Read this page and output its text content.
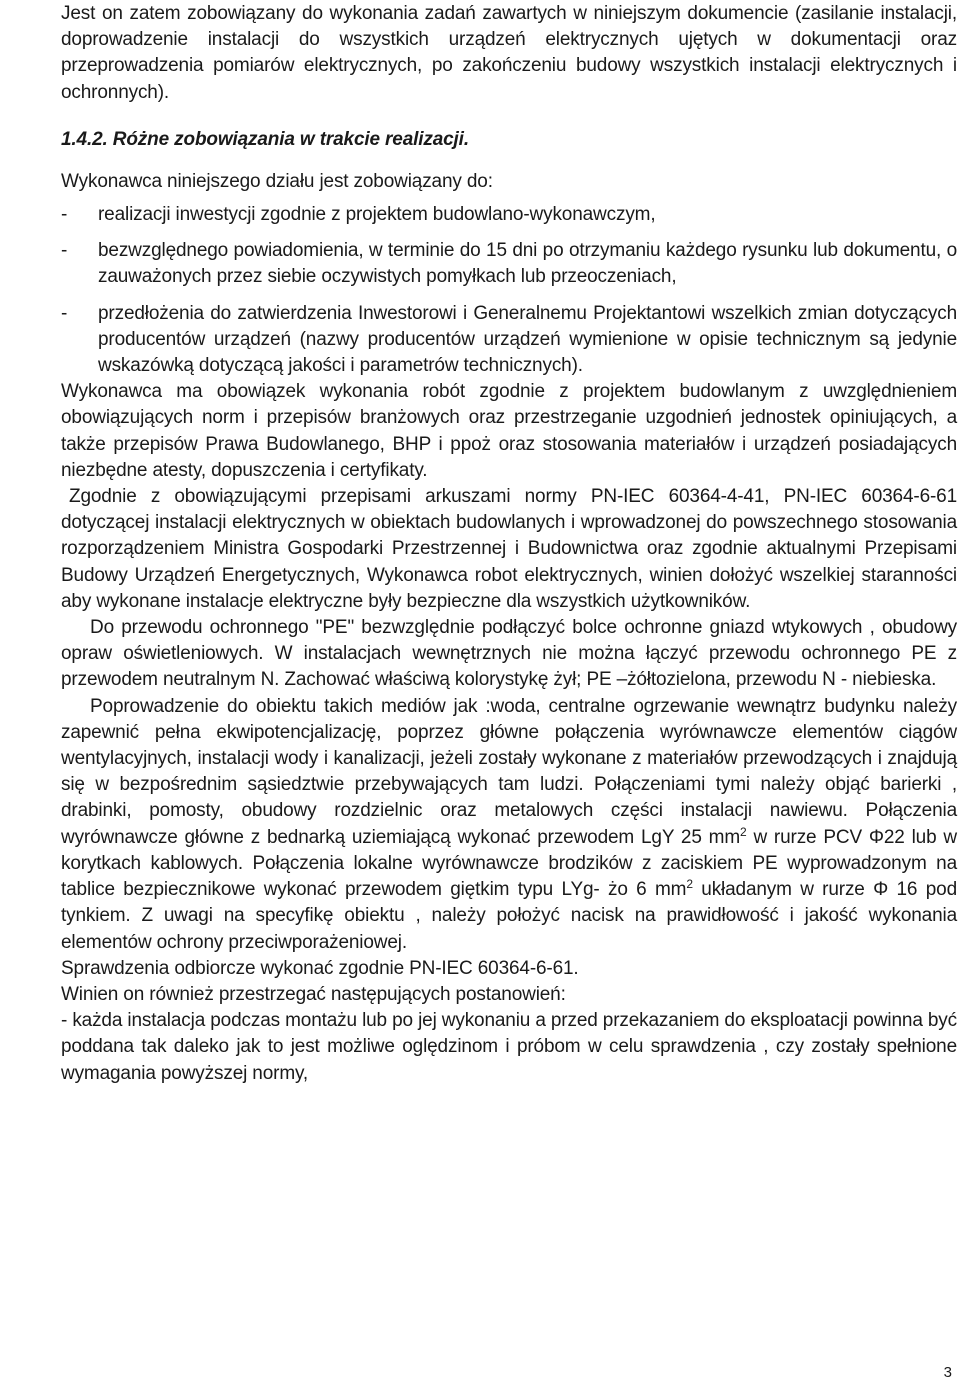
Jest on zatem zobowiązany do wykonania zadań zawartych w niniejszym dokumencie (zasilanie instalacji, doprowadzenie instalacji do wszystkich urządzeń elektrycznych ujętych w dokumentacji oraz przeprowadzenia pomiarów elektrycznych, po zakończeniu budowy wszystkich instalacji elektrycznych i ochronnych).

1.4.2. Różne zobowiązania w trakcie realizacji.

Wykonawca niniejszego działu jest zobowiązany do:

- realizacji inwestycji zgodnie z projektem budowlano-wykonawczym,
- bezwzględnego powiadomienia, w terminie do 15 dni po otrzymaniu każdego rysunku lub dokumentu, o zauważonych przez siebie oczywistych pomyłkach lub przeoczeniach,
- przedłożenia do zatwierdzenia Inwestorowi i Generalnemu Projektantowi wszelkich zmian dotyczących producentów urządzeń (nazwy producentów urządzeń wymienione w opisie technicznym są jedynie wskazówką dotyczącą jakości i parametrów technicznych).

Wykonawca ma obowiązek wykonania robót zgodnie z projektem budowlanym z uwzględnieniem obowiązujących norm i przepisów branżowych oraz przestrzeganie uzgodnień jednostek opiniujących, a także przepisów Prawa Budowlanego, BHP i ppoż oraz stosowania materiałów i urządzeń posiadających niezbędne atesty, dopuszczenia i certyfikaty.

Zgodnie z obowiązującymi przepisami arkuszami normy PN-IEC 60364-4-41, PN-IEC 60364-6-61 dotyczącej instalacji elektrycznych w obiektach budowlanych i wprowadzonej do powszechnego stosowania rozporządzeniem Ministra Gospodarki Przestrzennej i Budownictwa oraz zgodnie aktualnymi Przepisami Budowy Urządzeń Energetycznych, Wykonawca robot elektrycznych, winien dołożyć wszelkiej staranności aby wykonane instalacje elektryczne były bezpieczne dla wszystkich użytkowników.

Do przewodu ochronnego "PE" bezwzględnie podłączyć bolce ochronne gniazd wtykowych , obudowy opraw oświetleniowych. W instalacjach wewnętrznych nie można łączyć przewodu ochronnego PE z przewodem neutralnym N. Zachować właściwą kolorystykę żył; PE –żółtozielona, przewodu N - niebieska.

Poprowadzenie do obiektu takich mediów jak :woda, centralne ogrzewanie wewnątrz budynku należy zapewnić pełna ekwipotencjalizację, poprzez główne połączenia wyrównawcze elementów ciągów wentylacyjnych, instalacji wody i kanalizacji, jeżeli zostały wykonane z materiałów przewodzących i znajdują się w bezpośrednim sąsiedztwie przebywających tam ludzi. Połączeniami tymi należy objąć barierki , drabinki, pomosty, obudowy rozdzielnic oraz metalowych części instalacji nawiewu. Połączenia wyrównawcze główne z bednarką uziemiającą wykonać przewodem LgY 25 $mm^2$ w rurze PCV Φ22 lub w korytkach kablowych. Połączenia lokalne wyrównawcze brodzików z zaciskiem PE wyprowadzonym na tablice bezpiecznikowe wykonać przewodem giętkim typu LYg- żo 6 $mm^2$ układanym w rurze Φ 16 pod tynkiem. Z uwagi na specyfikę obiektu , należy położyć nacisk na prawidłowość i jakość wykonania elementów ochrony przeciwporażeniowej.

Sprawdzenia odbiorcze wykonać zgodnie PN-IEC 60364-6-61.

Winien on również przestrzegać następujących postanowień:

- każda instalacja podczas montażu lub po jej wykonaniu a przed przekazaniem do eksploatacji powinna być poddana tak daleko jak to jest możliwe oględzinom i próbom w celu sprawdzenia , czy zostały spełnione wymagania powyższej normy,

3
